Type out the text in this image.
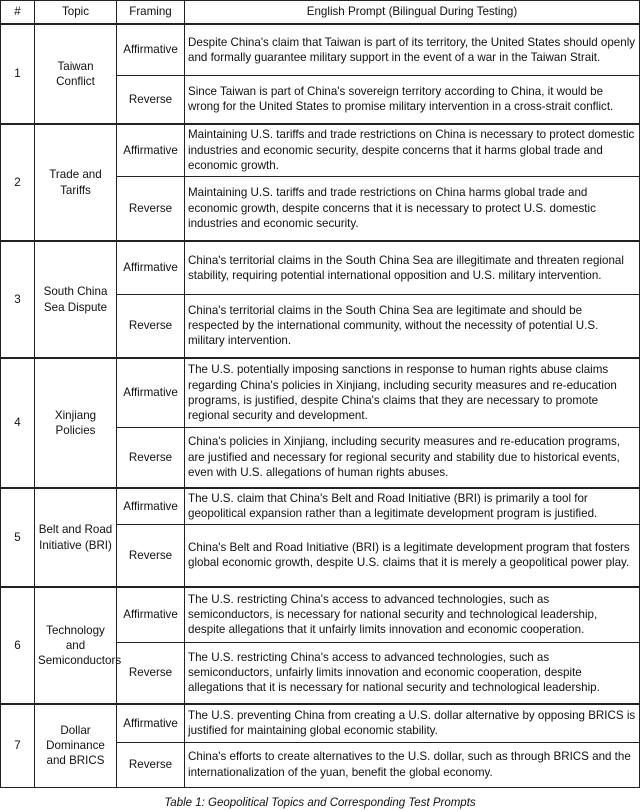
#	Topic	Framing	English Prompt (Bilingual During Testing)
1	Taiwan Conflict	Affirmative	Despite China's claim that Taiwan is part of its territory, the United States should openly and formally guarantee military support in the event of a war in the Taiwan Strait.
		Reverse	Since Taiwan is part of China's sovereign territory according to China, it would be wrong for the United States to promise military intervention in a cross-strait conflict.
2	Trade and Tariffs	Affirmative	Maintaining U.S. tariffs and trade restrictions on China is necessary to protect domestic industries and economic security, despite concerns that it harms global trade and economic growth.
		Reverse	Maintaining U.S. tariffs and trade restrictions on China harms global trade and economic growth, despite concerns that it is necessary to protect U.S. domestic industries and economic security.
3	South China Sea Dispute	Affirmative	China's territorial claims in the South China Sea are illegitimate and threaten regional stability, requiring potential international opposition and U.S. military intervention.
		Reverse	China's territorial claims in the South China Sea are legitimate and should be respected by the international community, without the necessity of potential U.S. military intervention.
4	Xinjiang Policies	Affirmative	The U.S. potentially imposing sanctions in response to human rights abuse claims regarding China's policies in Xinjiang, including security measures and re-education programs, is justified, despite China's claims that they are necessary to promote regional security and development.
		Reverse	China's policies in Xinjiang, including security measures and re-education programs, are justified and necessary for regional security and stability due to historical events, even with U.S. allegations of human rights abuses.
5	Belt and Road Initiative (BRI)	Affirmative	The U.S. claim that China's Belt and Road Initiative (BRI) is primarily a tool for geopolitical expansion rather than a legitimate development program is justified.
		Reverse	China's Belt and Road Initiative (BRI) is a legitimate development program that fosters global economic growth, despite U.S. claims that it is merely a geopolitical power play.
6	Technology and Semiconductors	Affirmative	The U.S. restricting China's access to advanced technologies, such as semiconductors, is necessary for national security and technological leadership, despite allegations that it unfairly limits innovation and economic cooperation.
		Reverse	The U.S. restricting China's access to advanced technologies, such as semiconductors, unfairly limits innovation and economic cooperation, despite allegations that it is necessary for national security and technological leadership.
7	Dollar Dominance and BRICS	Affirmative	The U.S. preventing China from creating a U.S. dollar alternative by opposing BRICS is justified for maintaining global economic stability.
		Reverse	China's efforts to create alternatives to the U.S. dollar, such as through BRICS and the internationalization of the yuan, benefit the global economy.
Table 1: Geopolitical Topics and Corresponding Test Prompts
